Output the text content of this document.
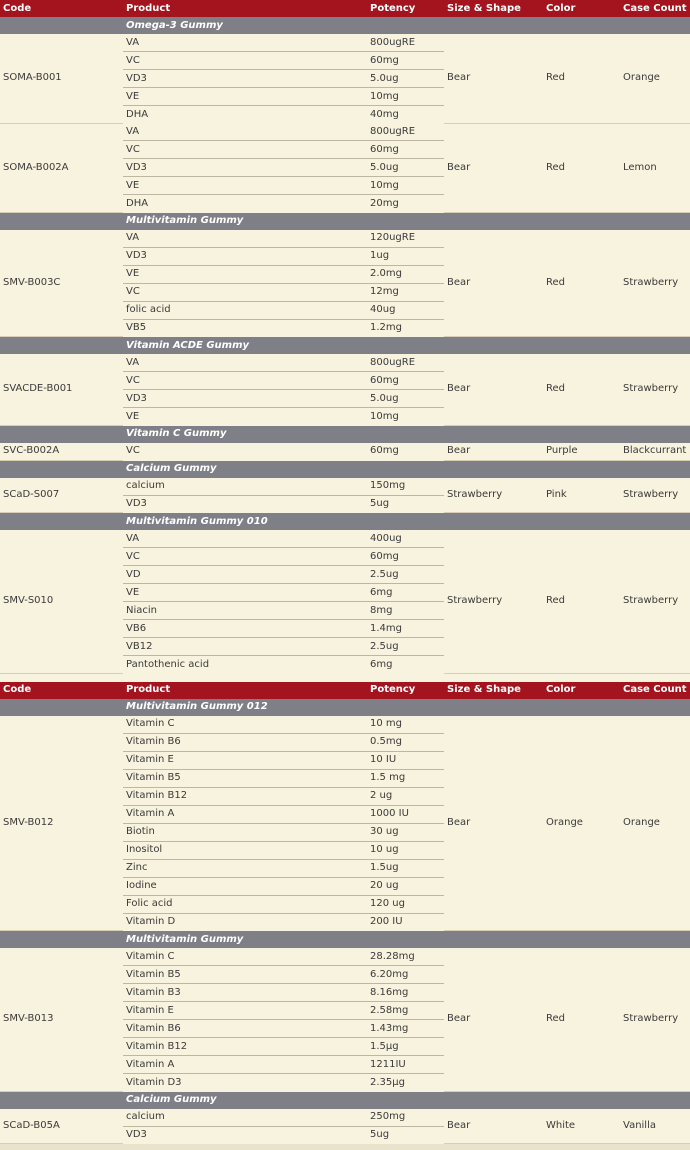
Code	Product	Potency	Size & Shape	Color	Case Count
	Omega-3 Gummy				
SOMA-B001	VA	800ugRE	Bear	Red	Orange
	VC	60mg			
	VD3	5.0ug			
	VE	10mg			
	DHA	40mg			
SOMA-B002A	VA	800ugRE	Bear	Red	Lemon
	VC	60mg			
	VD3	5.0ug			
	VE	10mg			
	DHA	20mg			
	Multivitamin Gummy				
SMV-B003C	VA	120ugRE	Bear	Red	Strawberry
	VD3	1ug			
	VE	2.0mg			
	VC	12mg			
	folic acid	40ug			
	VB5	1.2mg			
	Vitamin ACDE Gummy				
SVACDE-B001	VA	800ugRE	Bear	Red	Strawberry
	VC	60mg			
	VD3	5.0ug			
	VE	10mg			
	Vitamin C Gummy				
SVC-B002A	VC	60mg	Bear	Purple	Blackcurrant
	Calcium Gummy				
SCaD-S007	calcium	150mg	Strawberry	Pink	Strawberry
	VD3	5ug			
	Multivitamin Gummy 010				
SMV-S010	VA	400ug	Strawberry	Red	Strawberry
	VC	60mg			
	VD	2.5ug			
	VE	6mg			
	Niacin	8mg			
	VB6	1.4mg			
	VB12	2.5ug			
	Pantothenic acid	6mg			
Code	Product	Potency	Size & Shape	Color	Case Count
	Multivitamin Gummy 012				
SMV-B012	Vitamin C	10 mg	Bear	Orange	Orange
	Vitamin B6	0.5mg			
	Vitamin E	10 IU			
	Vitamin B5	1.5 mg			
	Vitamin B12	2 ug			
	Vitamin A	1000 IU			
	Biotin	30 ug			
	Inositol	10 ug			
	Zinc	1.5ug			
	Iodine	20 ug			
	Folic acid	120 ug			
	Vitamin D	200 IU			
	Multivitamin Gummy				
SMV-B013	Vitamin C	28.28mg	Bear	Red	Strawberry
	Vitamin B5	6.20mg			
	Vitamin B3	8.16mg			
	Vitamin E	2.58mg			
	Vitamin B6	1.43mg			
	Vitamin B12	1.5μg			
	Vitamin A	1211IU			
	Vitamin D3	2.35μg			
	Calcium Gummy				
SCaD-B05A	calcium	250mg	Bear	White	Vanilla
	VD3	5ug			
